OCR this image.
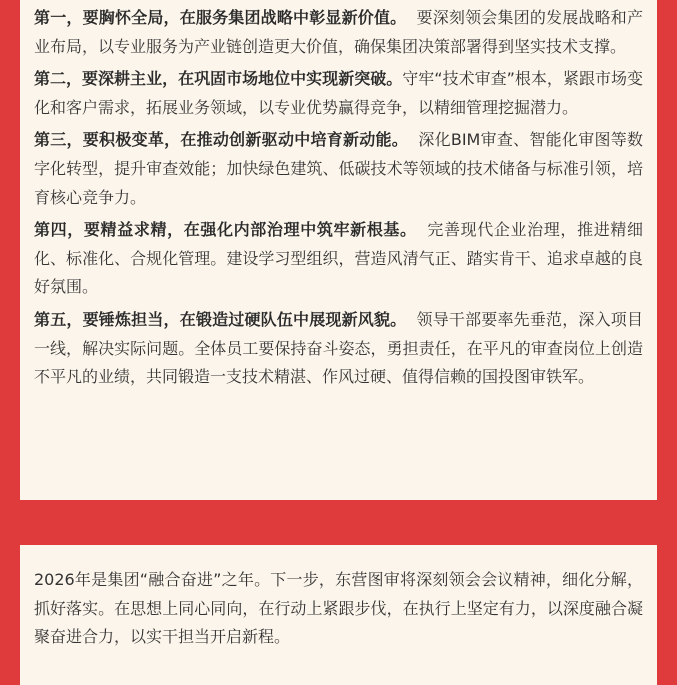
第一，要胸怀全局，在服务集团战略中彰显新价值。 要深刻领会集团的发展战略和产业布局，以专业服务为产业链创造更大价值，确保集团决策部署得到坚实技术支撑。

第二，要深耕主业，在巩固市场地位中实现新突破。守牢“技术审查”根本，紧跟市场变化和客户需求，拓展业务领域，以专业优势赢得竞争，以精细管理挖掘潜力。

第三，要积极变革，在推动创新驱动中培育新动能。 深化BIM审查、智能化审图等数字化转型，提升审查效能；加快绿色建筑、低碳技术等领域的技术储备与标准引领，培育核心竞争力。

第四，要精益求精，在强化内部治理中筑牢新根基。 完善现代企业治理，推进精细化、标准化、合规化管理。建设学习型组织，营造风清气正、踏实肯干、追求卓越的良好氛围。

第五，要锤炼担当，在锻造过硬队伍中展现新风貌。 领导干部要率先垂范，深入项目一线，解决实际问题。全体员工要保持奋斗姿态，勇担责任，在平凡的审查岗位上创造不平凡的业绩，共同锻造一支技术精湛、作风过硬、值得信赖的国投图审铁军。

2026年是集团“融合奋进”之年。下一步，东营图审将深刻领会会议精神，细化分解，抓好落实。在思想上同心同向，在行动上紧跟步伐，在执行上坚定有力，以深度融合凝聚奋进合力，以实干担当开启新程。
